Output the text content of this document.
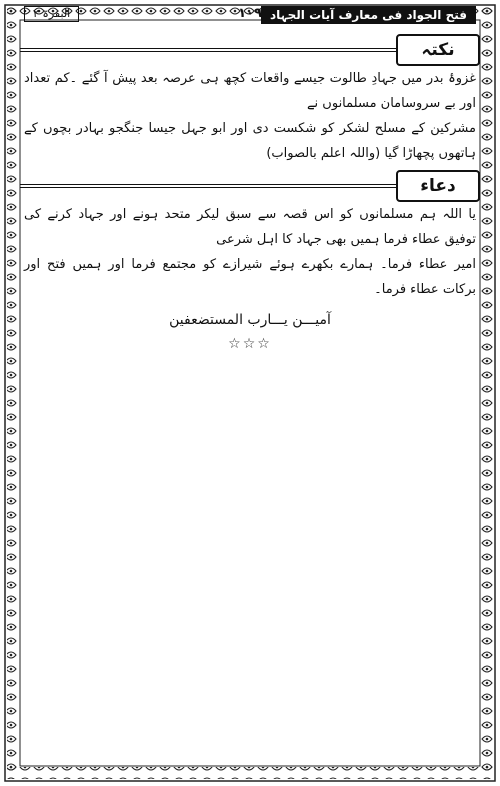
فتح الجواد فی معارف آیات الجہاد
۱۰۹
البقرۃ ۲
نکتہ

غزوۂ بدر میں جہادِ طالوت جیسے واقعات کچھ ہی عرصہ بعد پیش آ گئے ۔کم تعداد اور بے سروسامان مسلمانوں نے

مشرکین کے مسلح لشکر کو شکست دی اور ابو جہل جیسا جنگجو بہادر بچوں کے ہاتھوں پچھاڑا گیا (واللہ اعلم بالصواب)

دعاء

یا اللہ ہم مسلمانوں کو اس قصہ سے سبق لیکر متحد ہونے اور جہاد کرنے کی توفیق عطاء فرما ہمیں بھی جہاد کا اہل شرعی

امیر عطاء فرما۔ ہمارے بکھرے ہوئے شیرازے کو مجتمع فرما اور ہمیں فتح اور برکات عطاء فرما۔

آمیـــن یـــارب المستضعفین
☆☆☆
